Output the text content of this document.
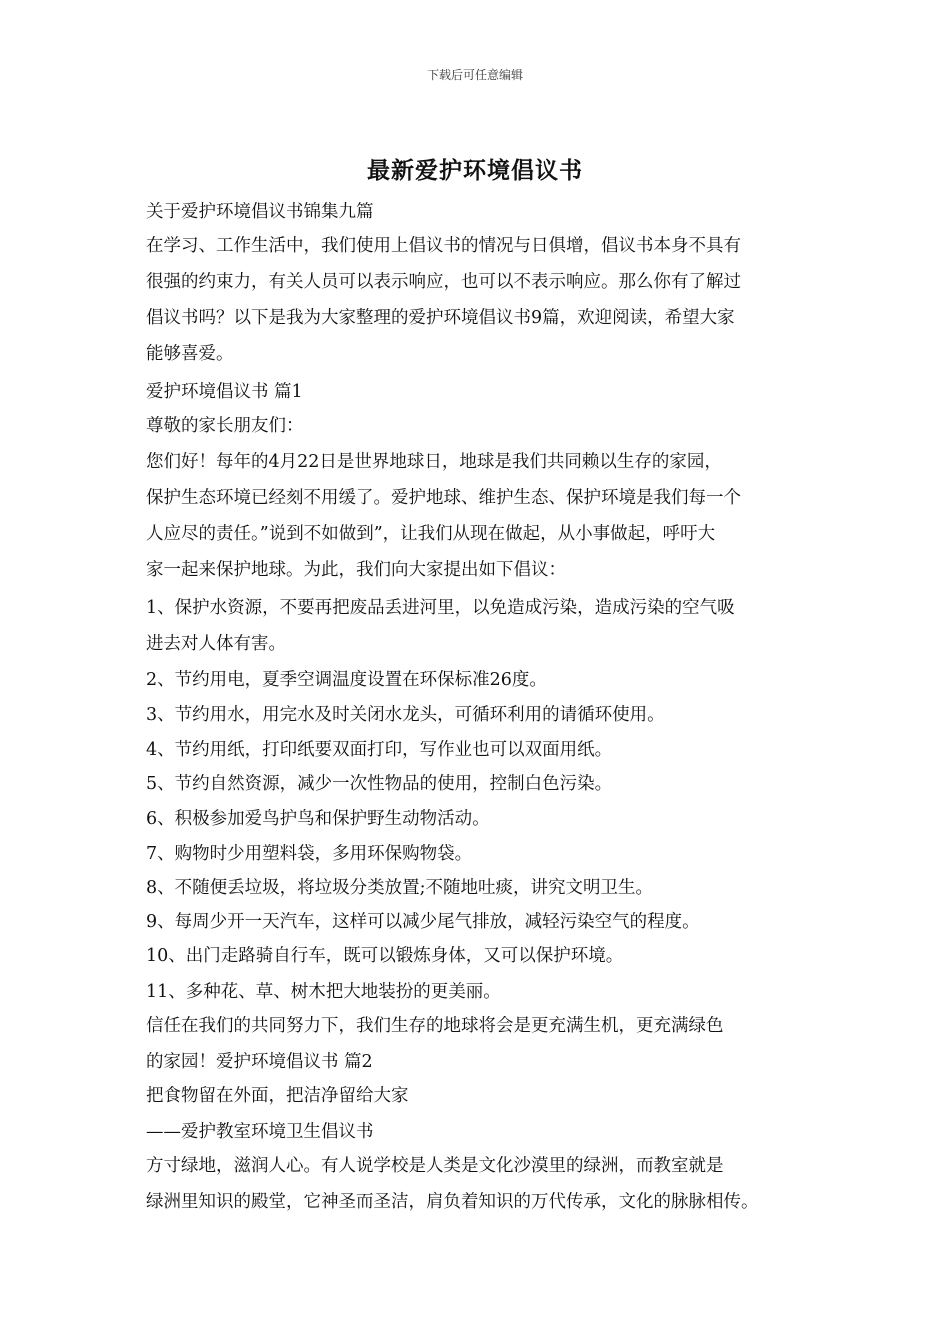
下载后可任意编辑
最新爱护环境倡议书
关于爱护环境倡议书锦集九篇
在学习、工作生活中，我们使用上倡议书的情况与日俱增，倡议书本身不具有
很强的约束力，有关人员可以表示响应，也可以不表示响应。那么你有了解过
倡议书吗？以下是我为大家整理的爱护环境倡议书9篇，欢迎阅读，希望大家
能够喜爱。
爱护环境倡议书 篇1
尊敬的家长朋友们：
您们好！每年的4月22日是世界地球日，地球是我们共同赖以生存的家园，
保护生态环境已经刻不用缓了。爱护地球、维护生态、保护环境是我们每一个
人应尽的责任。”说到不如做到”，让我们从现在做起，从小事做起，呼吁大
家一起来保护地球。为此，我们向大家提出如下倡议：
1、保护水资源，不要再把废品丢进河里，以免造成污染，造成污染的空气吸
进去对人体有害。
2、节约用电，夏季空调温度设置在环保标准26度。
3、节约用水，用完水及时关闭水龙头，可循环利用的请循环使用。
4、节约用纸，打印纸要双面打印，写作业也可以双面用纸。
5、节约自然资源，减少一次性物品的使用，控制白色污染。
6、积极参加爱鸟护鸟和保护野生动物活动。
7、购物时少用塑料袋，多用环保购物袋。
8、不随便丢垃圾，将垃圾分类放置;不随地吐痰，讲究文明卫生。
9、每周少开一天汽车，这样可以减少尾气排放，减轻污染空气的程度。
10、出门走路骑自行车，既可以锻炼身体，又可以保护环境。
11、多种花、草、树木把大地装扮的更美丽。
信任在我们的共同努力下，我们生存的地球将会是更充满生机，更充满绿色
的家园！爱护环境倡议书 篇2
把食物留在外面，把洁净留给大家
——爱护教室环境卫生倡议书
方寸绿地，滋润人心。有人说学校是人类是文化沙漠里的绿洲，而教室就是
绿洲里知识的殿堂，它神圣而圣洁，肩负着知识的万代传承，文化的脉脉相传。
